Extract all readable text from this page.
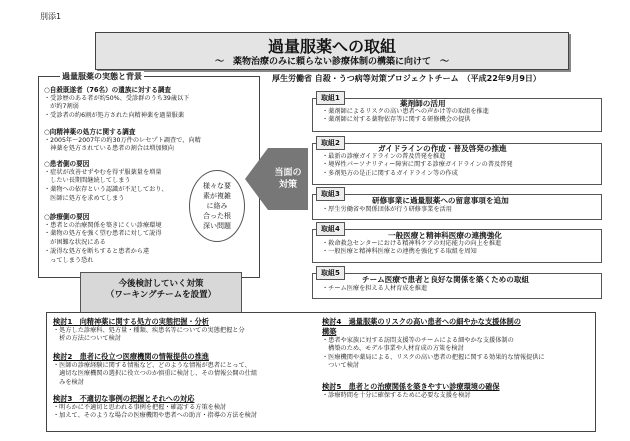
別添1
過量服薬への取組
〜　薬物治療のみに頼らない診療体制の構築に向けて　〜
過量服薬の実態と背景
○自殺既遂者（76名）の遺族に対する調査
・受診歴のある者が約50%、受診群のうち39歳以下
　が約7割弱
・受診者の約6割が処方された向精神薬を過量服薬
○向精神薬の処方に関する調査
・2005年〜2007年の約30万件のレセプト調査で、向精
　神薬を処方されている患者の割合は増加傾向
○患者側の要因
・症状が改善せずやむを得ず服薬量を増量
　したい長期間継続してしまう
・薬物への依存という認識が不足しており、
　医師に処方を求めてしまう
○診療側の要因
・患者との治療関係を築きにくい診療環境
・薬物の処方を強く望む患者に対して説得
　が困難な状況にある
・説得な処方を断ちすると患者から違
　ってしまう恐れ
様々な要
素が複雑
に絡み
合った根
深い問題
当面の
対策
厚生労働省 自殺・うつ病等対策プロジェクトチーム　（平成22年9月9日）
取組1
薬剤師の活用
・薬剤師によるリスクの高い患者への声かけ等の取組を推進
・薬剤師に対する薬物依存等に関する研修機会の提供
取組2
ガイドラインの作成・普及啓発の推進
・最新の診療ガイドラインの普及啓発を推進
・境界性パーソナリティー障害に関する診療ガイドラインの普及啓発
・多剤処方の是正に関するガイドライン等の作成
取組3
研修事業に過量服薬への留意事項を追加
・厚生労働省や関係団体が行う研修事業を活用
取組4
一般医療と精神科医療の連携強化
・救命救急センターにおける精神科ケアの対応能力の向上を推進
・一般医療と精神科医療との連携を強化する取組を周知
取組5
チーム医療で患者と良好な関係を築くための取組
・チーム医療を担える人材育成を推進
今後検討していく対策
（ワーキングチームを設置）
検討1　向精神薬に関する処方の実態把握・分析
・処方した診療科、処方量・種類、疾患名等についての実態把握と分
　析の方法について検討
検討2　患者に役立つ医療機関の情報提供の推進
・医師の診療経験に関する情報など、どのような情報が患者にとって、
　適切な医療機関の選択に役立つのか慎重に検討し、その情報公開の仕組
　みを検討
検討3　不適切な事例の把握とそれへの対応
・明らかに不適切と思われる事例を把握・確認する方策を検討
・加えて、そのような場合の医療機関や患者への助言・指導の方法を検討
検討4　過量服薬のリスクの高い患者への細やかな支援体制の
構築
・患者や家族に対する訪問支援等のチームによる細やかな支援体制の
　構築のため、モデル事業や人材育成の方策を検討
・医療機関や薬局による、リスクの高い患者の把握に関する効果的な情報提供に
　ついて検討
検討5　患者との治療関係を築きやすい診療環境の確保
・診療時間を十分に確保するために必要な支援を検討
